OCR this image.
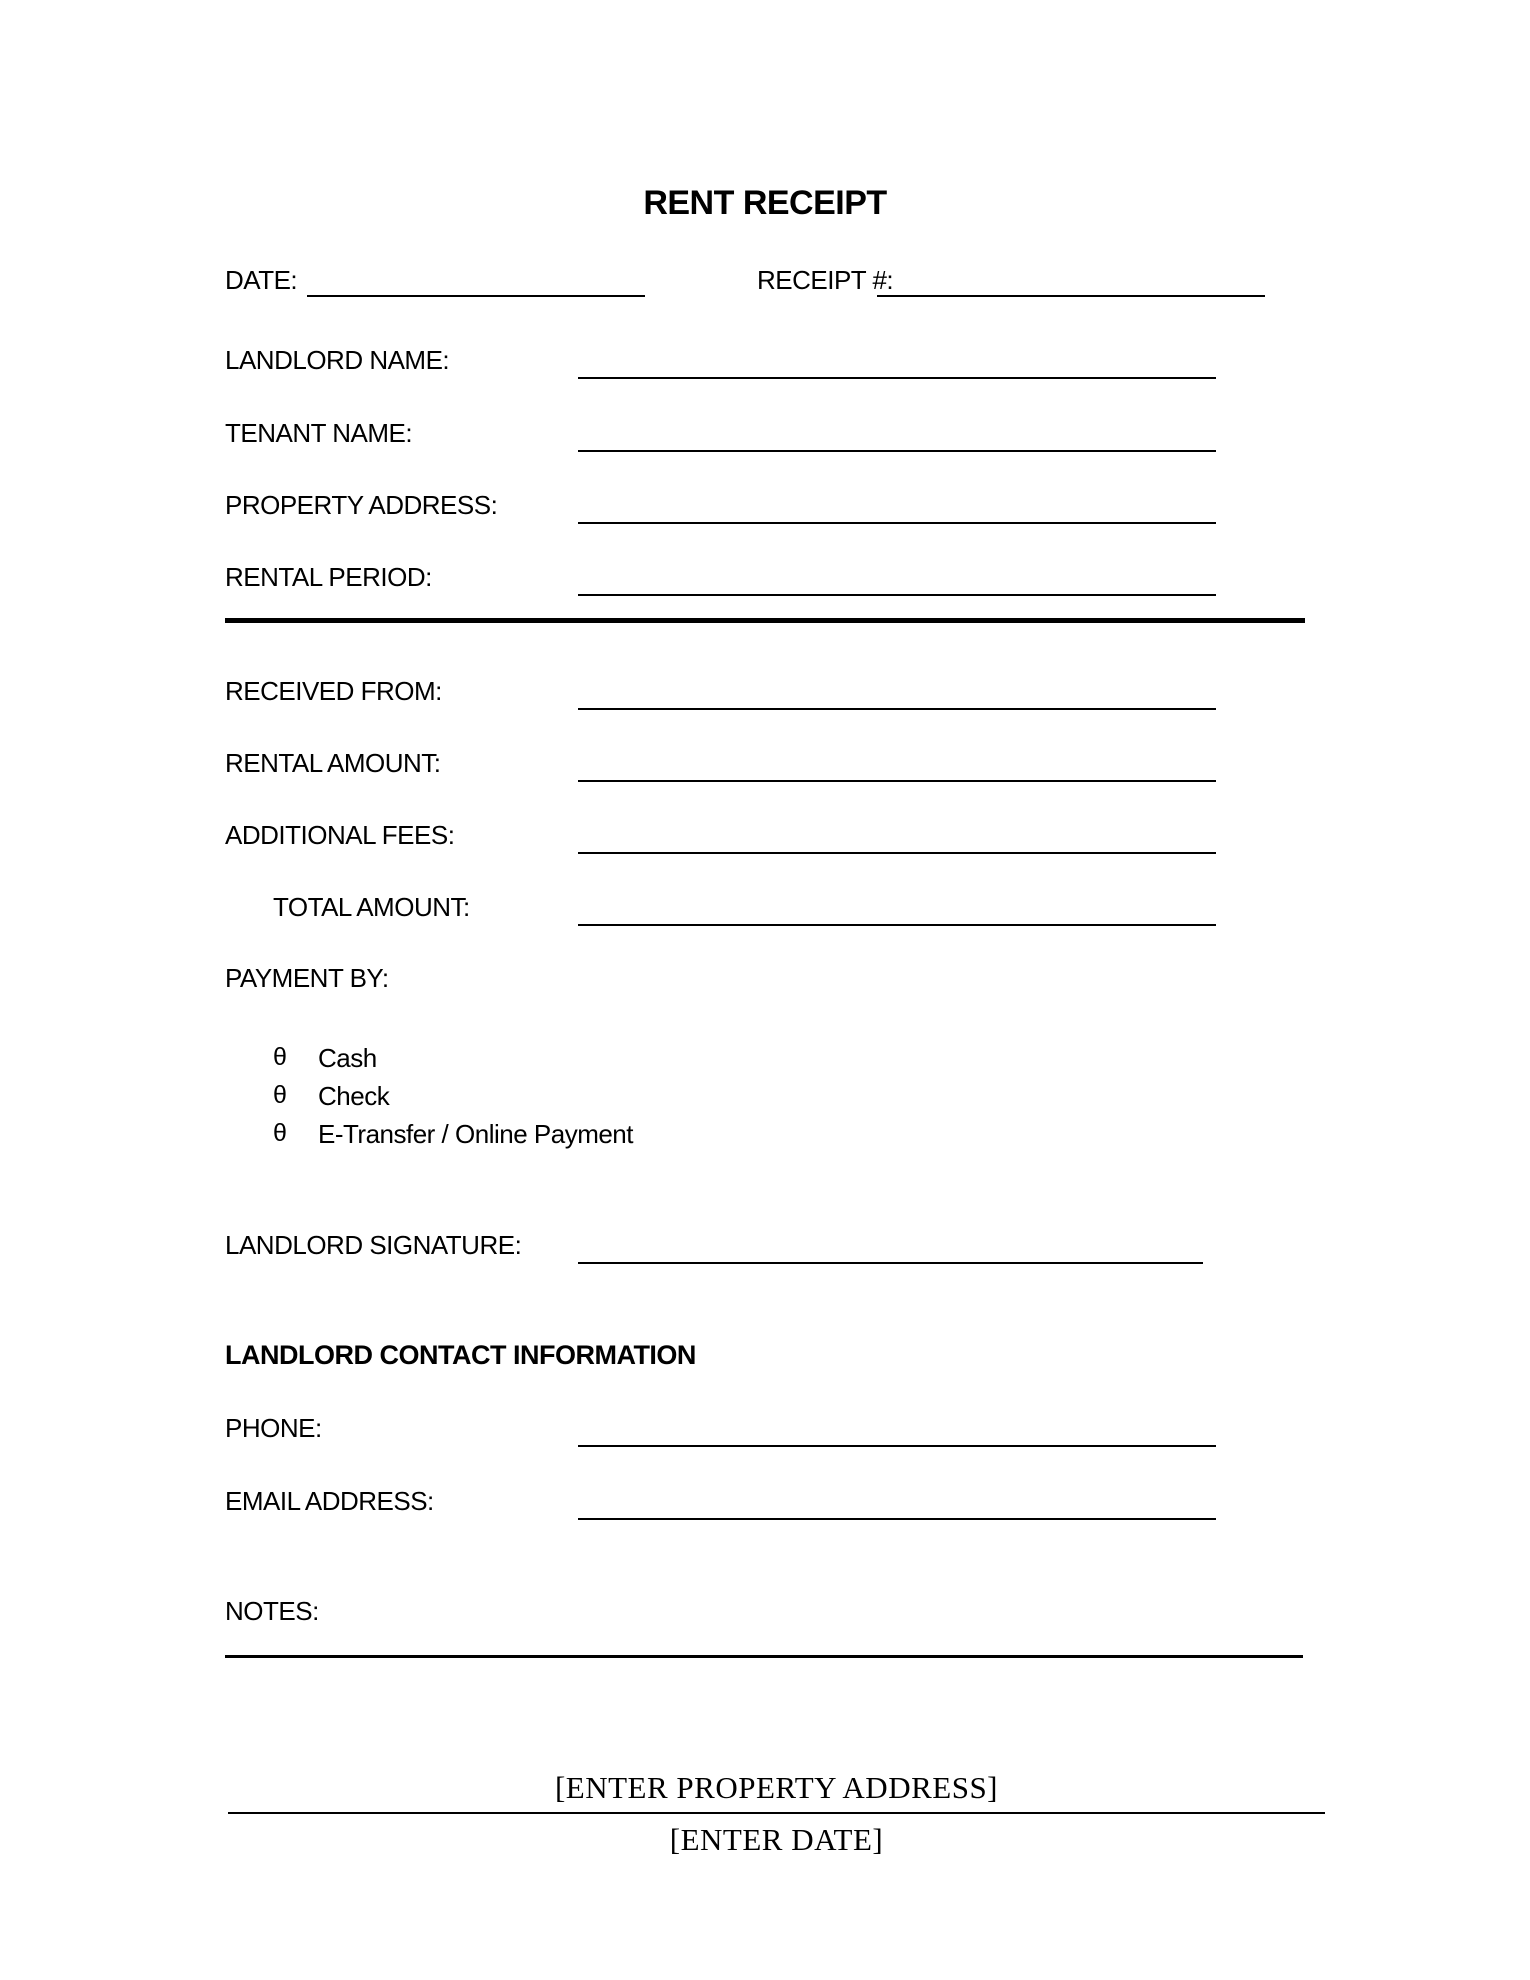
RENT RECEIPT
DATE:	RECEIPT #:
LANDLORD NAME:
TENANT NAME:
PROPERTY ADDRESS:
RENTAL PERIOD:
RECEIVED FROM:
RENTAL AMOUNT:
ADDITIONAL FEES:
TOTAL AMOUNT:
PAYMENT BY:
θ Cash
θ Check
θ E-Transfer / Online Payment
LANDLORD SIGNATURE:
LANDLORD CONTACT INFORMATION
PHONE:
EMAIL ADDRESS:
NOTES:
[ENTER PROPERTY ADDRESS]
[ENTER DATE]
